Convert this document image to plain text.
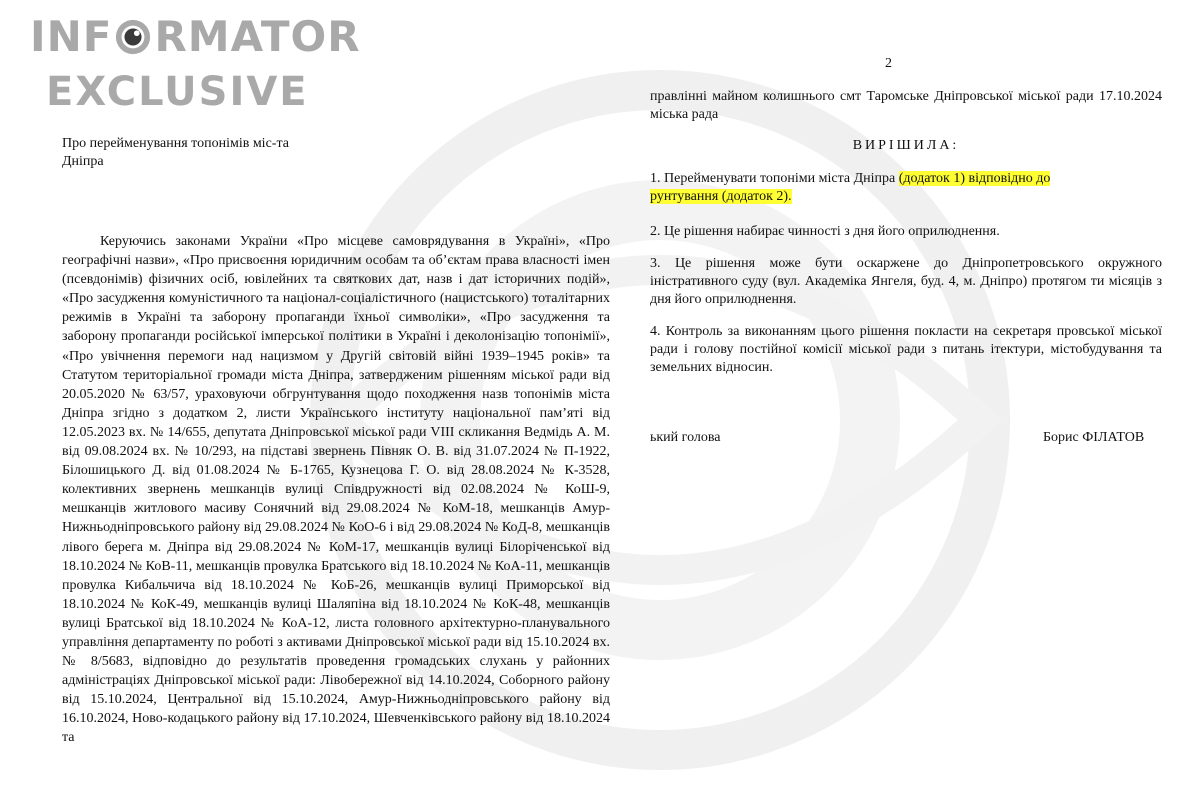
INF RMATOR
EXCLUSIVE
Про перейменування топонімів міс-та Дніпра

Керуючись законами України «Про місцеве самоврядування в Україні», «Про географічні назви», «Про присвоєння юридичним особам та об’єктам права власності імен (псевдонімів) фізичних осіб, ювілейних та святкових дат, назв і дат історичних подій», «Про засудження комуністичного та націонал-соціалістичного (нацистського) тоталітарних режимів в Україні та заборону пропаганди їхньої символіки», «Про засудження та заборону пропаганди російської імперської політики в Україні і деколонізацію топонімії», «Про увічнення перемоги над нацизмом у Другій світовій війні 1939–1945 років» та Статутом територіальної громади міста Дніпра, затвердженим рішенням міської ради від 20.05.2020 № 63/57, ураховуючи обгрунтування щодо походження назв топонімів міста Дніпра згідно з додатком 2, листи Українського інституту національної пам’яті від 12.05.2023 вх. № 14/655, депутата Дніпровської міської ради VIII скликання Ведмідь А. М. від 09.08.2024 вх. № 10/293, на підставі звернень Півняк О. В. від 31.07.2024 № П-1922, Білошицького Д. від 01.08.2024 № Б-1765, Кузнецова Г. О. від 28.08.2024 № К-3528, колективних звернень мешканців вулиці Співдружності від 02.08.2024 № КоШ-9, мешканців житлового масиву Сонячний від 29.08.2024 № КоМ-18, мешканців Амур-Нижньодніпровського району від 29.08.2024 № КоО-6 і від 29.08.2024 № КоД-8, мешканців лівого берега м. Дніпра від 29.08.2024 № КоМ-17, мешканців вулиці Білоріченської від 18.10.2024 № КоВ-11, мешканців провулка Братського від 18.10.2024 № КоА-11, мешканців провулка Кибальчича від 18.10.2024 № КоБ-26, мешканців вулиці Приморської від 18.10.2024 № КоК-49, мешканців вулиці Шаляпіна від 18.10.2024 № КоК-48, мешканців вулиці Братської від 18.10.2024 № КоА-12, листа головного архітектурно-планувального управління департаменту по роботі з активами Дніпровської міської ради від 15.10.2024 вх. № 8/5683, відповідно до результатів проведення громадських слухань у районних адміністраціях Дніпровської міської ради: Лівобережної від 14.10.2024, Соборного району від 15.10.2024, Центральної від 15.10.2024, Амур-Нижньодніпровського району від 16.10.2024, Ново-кодацького району від 17.10.2024, Шевченківського району від 18.10.2024 та

2
правлінні майном колишнього смт Таромське Дніпровської міської ради 17.10.2024 міська рада
ВИРІШИЛА:
1. Перейменувати топоніми міста Дніпра (додаток 1) відповідно до
рунтування (додаток 2).
2. Це рішення набирає чинності з дня його оприлюднення.
3. Це рішення може бути оскаржене до Дніпропетровського окружного іністративного суду (вул. Академіка Янгеля, буд. 4, м. Дніпро) протягом ти місяців з дня його оприлюднення.
4. Контроль за виконанням цього рішення покласти на секретаря провської міської ради і голову постійної комісії міської ради з питань ітектури, містобудування та земельних відносин.
ький голова	Борис ФІЛАТОВ
